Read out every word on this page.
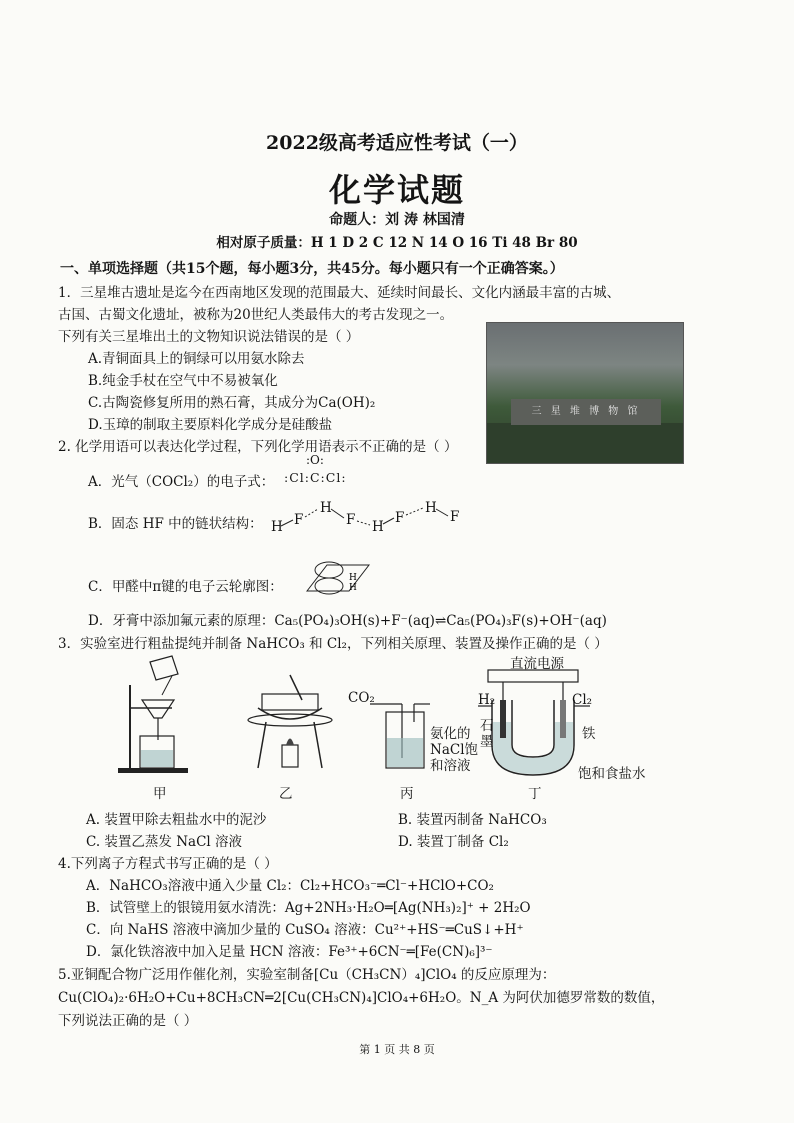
2022级高考适应性考试（一）
化学试题
命题人：刘 涛 林国清
相对原子质量：H 1 D 2 C 12 N 14 O 16 Ti 48 Br 80
一、单项选择题（共15个题，每小题3分，共45分。每小题只有一个正确答案。）
1．三星堆古遗址是迄今在西南地区发现的范围最大、延续时间最长、文化内涵最丰富的古城、
古国、古蜀文化遗址，被称为20世纪人类最伟大的考古发现之一。
下列有关三星堆出土的文物知识说法错误的是（ ）
A.青铜面具上的铜绿可以用氨水除去
B.纯金手杖在空气中不易被氧化
C.古陶瓷修复所用的熟石膏，其成分为Ca(OH)₂
D.玉璋的制取主要原料化学成分是硅酸盐
三 星 堆 博 物 馆
2. 化学用语可以表达化学过程，下列化学用语表示不正确的是（ ）
A．光气（COCl₂）的电子式：
:O:
:Cl:C:Cl:
B．固态 HF 中的链状结构： H
H
F H
F
H
F
F
C．甲醛中π键的电子云轮廓图：
H
H
D．牙膏中添加氟元素的原理：Ca₅(PO₄)₃OH(s)+F⁻(aq)⇌Ca₅(PO₄)₃F(s)+OH⁻(aq)
3．实验室进行粗盐提纯并制备 NaHCO₃ 和 Cl₂，下列相关原理、装置及操作正确的是（ ）
CO₂
氨化的
NaCl饱
和溶液
直流电源
H₂	Cl₂
石
墨	铁
饱和食盐水
甲	乙	丙	丁
A. 装置甲除去粗盐水中的泥沙	B. 装置丙制备 NaHCO₃
C. 装置乙蒸发 NaCl 溶液	D. 装置丁制备 Cl₂
4.下列离子方程式书写正确的是（ ）
A．NaHCO₃溶液中通入少量 Cl₂：Cl₂+HCO₃⁻═Cl⁻+HClO+CO₂
B．试管壁上的银镜用氨水清洗：Ag+2NH₃·H₂O═[Ag(NH₃)₂]⁺ + 2H₂O
C．向 NaHS 溶液中滴加少量的 CuSO₄ 溶液：Cu²⁺+HS⁻═CuS↓+H⁺
D．氯化铁溶液中加入足量 HCN 溶液：Fe³⁺+6CN⁻═[Fe(CN)₆]³⁻
5.亚铜配合物广泛用作催化剂，实验室制备[Cu（CH₃CN）₄]ClO₄ 的反应原理为：
Cu(ClO₄)₂·6H₂O+Cu+8CH₃CN═2[Cu(CH₃CN)₄]ClO₄+6H₂O。N_A 为阿伏加德罗常数的数值，
下列说法正确的是（ ）
第 1 页 共 8 页
